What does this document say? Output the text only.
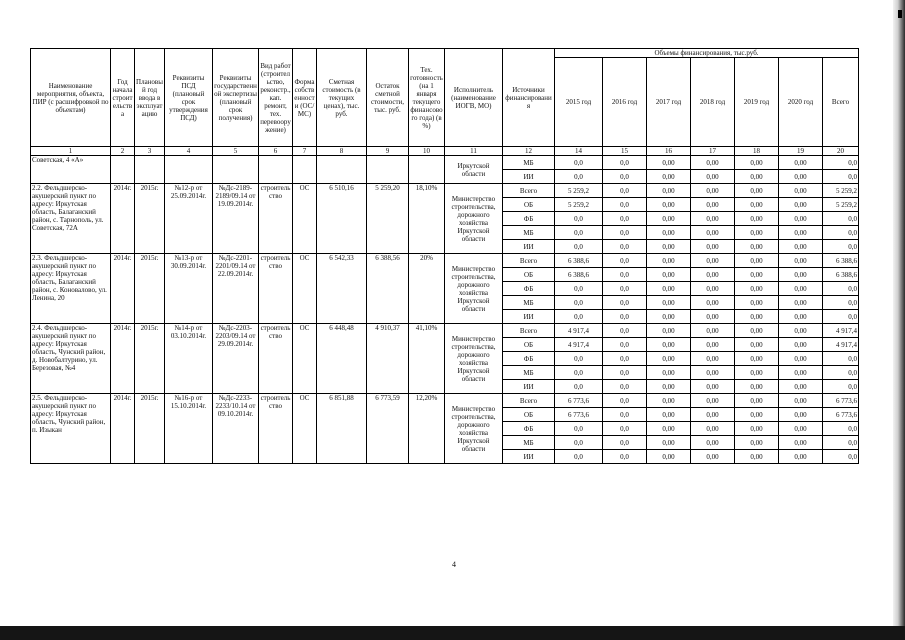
Наименование мероприятия, объекта, ПИР (с расшифровкой по объектам)	Год начала строительства	Плановый год ввода в эксплуатацию	Реквизиты ПСД (плановый срок утверждения ПСД)	Реквизиты государственной экспертизы (плановый срок получения)	Вид работ (строительство, реконстр., кап. ремонт, тех. перевооружение)	Форма собственности (ОС/МС)	Сметная стоимость (в текущих ценах), тыс. руб.	Остаток сметной стоимости, тыс. руб.	Тех. готовность (на 1 января текущего финансового года) (в %)	Исполнитель (наименование ИОГВ, МО)	Источники финансирования	Объемы финансирования, тыс.руб.						
												2015 год	2016 год	2017 год	2018 год	2019 год	2020 год	Всего
1	2	3	4	5	6	7	8	9	10	11	12	14	15	16	17	18	19	20
Советская, 4 «А»										Иркутской области	МБ	0,0	0,0	0,00	0,00	0,00	0,00	0,0
											ИИ	0,0	0,0	0,00	0,00	0,00	0,00	0,0
2.2. Фельдшерско-акушерский пункт по адресу: Иркутская область, Балаганский район, с. Тарнополь, ул. Советская, 72А	2014г.	2015г.	№12-р от 25.09.2014г.	№Дс-2189-2189/09.14 от 19.09.2014г.	строительство	ОС	6 510,16	5 259,20	18,10%	Министерство строительства, дорожного хозяйства Иркутской области	Всего	5 259,2	0,0	0,00	0,00	0,00	0,00	5 259,2
											ОБ	5 259,2	0,0	0,00	0,00	0,00	0,00	5 259,2
											ФБ	0,0	0,0	0,00	0,00	0,00	0,00	0,0
											МБ	0,0	0,0	0,00	0,00	0,00	0,00	0,0
											ИИ	0,0	0,0	0,00	0,00	0,00	0,00	0,0
2.3. Фельдшерско-акушерский пункт по адресу: Иркутская область, Балаганский район, с. Коноваловo, ул. Ленина, 20	2014г.	2015г.	№13-р от 30.09.2014г.	№Дс-2201-2201/09.14 от 22.09.2014г.	строительство	ОС	6 542,33	6 388,56	20%	Министерство строительства, дорожного хозяйства Иркутской области	Всего	6 388,6	0,0	0,00	0,00	0,00	0,00	6 388,6
											ОБ	6 388,6	0,0	0,00	0,00	0,00	0,00	6 388,6
											ФБ	0,0	0,0	0,00	0,00	0,00	0,00	0,0
											МБ	0,0	0,0	0,00	0,00	0,00	0,00	0,0
											ИИ	0,0	0,0	0,00	0,00	0,00	0,00	0,0
2.4. Фельдшерско-акушерский пункт по адресу: Иркутская область, Чунский район, д. Новобалтурино, ул. Березовая, №4	2014г.	2015г.	№14-р от 03.10.2014г.	№Дс-2203-2203/09.14 от 29.09.2014г.	строительство	ОС	6 448,48	4 910,37	41,10%	Министерство строительства, дорожного хозяйства Иркутской области	Всего	4 917,4	0,0	0,00	0,00	0,00	0,00	4 917,4
											ОБ	4 917,4	0,0	0,00	0,00	0,00	0,00	4 917,4
											ФБ	0,0	0,0	0,00	0,00	0,00	0,00	0,0
											МБ	0,0	0,0	0,00	0,00	0,00	0,00	0,0
											ИИ	0,0	0,0	0,00	0,00	0,00	0,00	0,0
2.5. Фельдшерско-акушерский пункт по адресу: Иркутская область, Чунский район, п. Изыкан	2014г.	2015г.	№16-р от 15.10.2014г.	№Дс-2233-2233/10.14 от 09.10.2014г.	строительство	ОС	6 851,88	6 773,59	12,20%	Министерство строительства, дорожного хозяйства Иркутской области	Всего	6 773,6	0,0	0,00	0,00	0,00	0,00	6 773,6
											ОБ	6 773,6	0,0	0,00	0,00	0,00	0,00	6 773,6
											ФБ	0,0	0,0	0,00	0,00	0,00	0,00	0,0
											МБ	0,0	0,0	0,00	0,00	0,00	0,00	0,0
											ИИ	0,0	0,0	0,00	0,00	0,00	0,00	0,0
4
